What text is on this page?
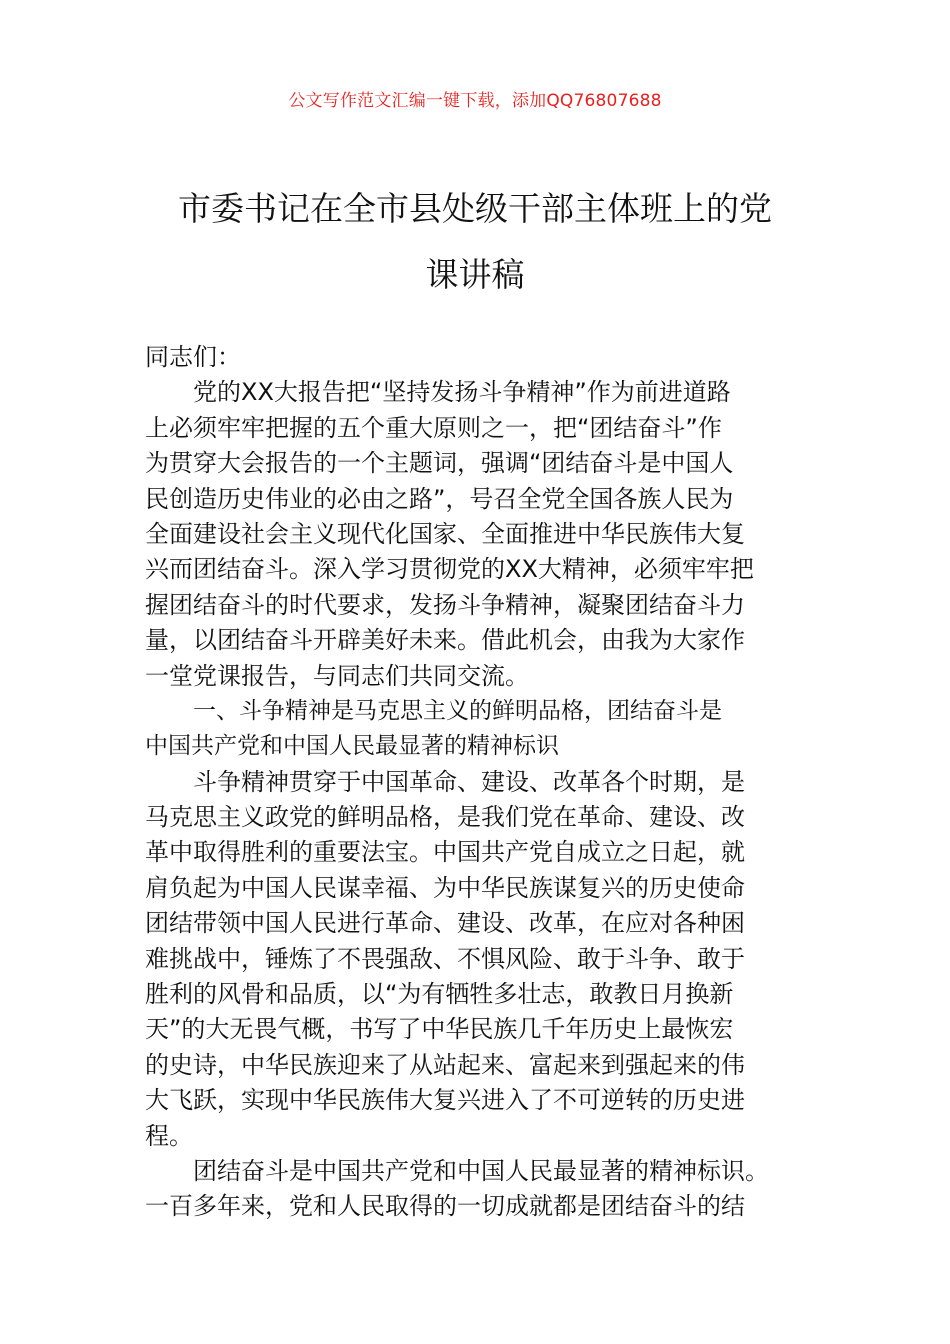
公文写作范文汇编一键下载，添加QQ76807688
市委书记在全市县处级干部主体班上的党
课讲稿
同志们：
党的XX大报告把“坚持发扬斗争精神”作为前进道路
上必须牢牢把握的五个重大原则之一，把“团结奋斗”作
为贯穿大会报告的一个主题词，强调“团结奋斗是中国人
民创造历史伟业的必由之路”，号召全党全国各族人民为
全面建设社会主义现代化国家、全面推进中华民族伟大复
兴而团结奋斗。深入学习贯彻党的XX大精神，必须牢牢把
握团结奋斗的时代要求，发扬斗争精神，凝聚团结奋斗力
量，以团结奋斗开辟美好未来。借此机会，由我为大家作
一堂党课报告，与同志们共同交流。
一、斗争精神是马克思主义的鲜明品格，团结奋斗是
中国共产党和中国人民最显著的精神标识
斗争精神贯穿于中国革命、建设、改革各个时期，是
马克思主义政党的鲜明品格，是我们党在革命、建设、改
革中取得胜利的重要法宝。中国共产党自成立之日起，就
肩负起为中国人民谋幸福、为中华民族谋复兴的历史使命
团结带领中国人民进行革命、建设、改革，在应对各种困
难挑战中，锤炼了不畏强敌、不惧风险、敢于斗争、敢于
胜利的风骨和品质，以“为有牺牲多壮志，敢教日月换新
天”的大无畏气概，书写了中华民族几千年历史上最恢宏
的史诗，中华民族迎来了从站起来、富起来到强起来的伟
大飞跃，实现中华民族伟大复兴进入了不可逆转的历史进
程。
团结奋斗是中国共产党和中国人民最显著的精神标识。
一百多年来，党和人民取得的一切成就都是团结奋斗的结
